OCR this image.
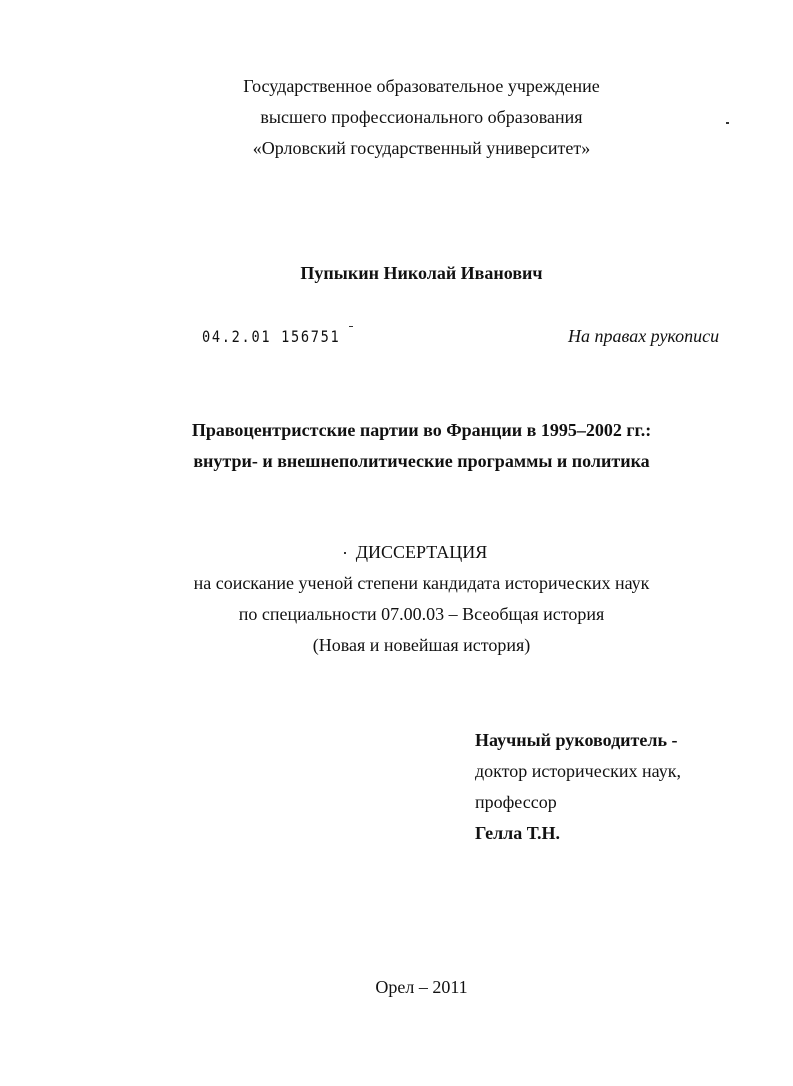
Государственное образовательное учреждение
высшего профессионального образования
«Орловский государственный университет»
Пупыкин Николай Иванович
04.2.01 156751	На правах рукописи
Правоцентристские партии во Франции в 1995–2002 гг.:
внутри- и внешнеполитические программы и политика
ДИССЕРТАЦИЯ
на соискание ученой степени кандидата исторических наук
по специальности 07.00.03 – Всеобщая история
(Новая и новейшая история)
Научный руководитель -
доктор исторических наук,
профессор
Гелла Т.Н.
Орел – 2011
